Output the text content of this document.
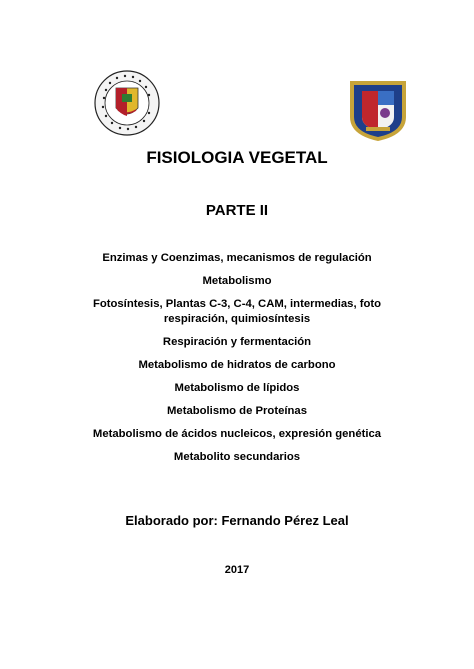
FISIOLOGIA VEGETAL
PARTE II
Enzimas y Coenzimas, mecanismos de regulación
Metabolismo
Fotosíntesis, Plantas C-3, C-4, CAM, intermedias, foto respiración, quimiosíntesis
Respiración y fermentación
Metabolismo de hidratos de carbono
Metabolismo de lípidos
Metabolismo de Proteínas
Metabolismo de ácidos nucleicos, expresión genética
Metabolito secundarios
Elaborado por: Fernando Pérez Leal
2017
